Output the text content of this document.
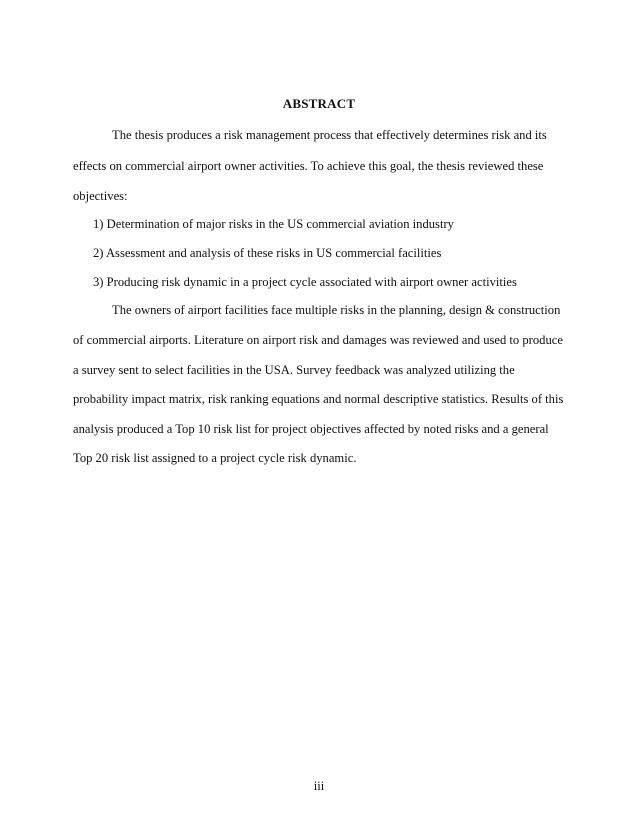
ABSTRACT
The thesis produces a risk management process that effectively determines risk and its
effects on commercial airport owner activities. To achieve this goal, the thesis reviewed these
objectives:
1) Determination of major risks in the US commercial aviation industry
2) Assessment and analysis of these risks in US commercial facilities
3) Producing risk dynamic in a project cycle associated with airport owner activities
The owners of airport facilities face multiple risks in the planning, design & construction
of commercial airports. Literature on airport risk and damages was reviewed and used to produce
a survey sent to select facilities in the USA. Survey feedback was analyzed utilizing the
probability impact matrix, risk ranking equations and normal descriptive statistics. Results of this
analysis produced a Top 10 risk list for project objectives affected by noted risks and a general
Top 20 risk list assigned to a project cycle risk dynamic.
iii
